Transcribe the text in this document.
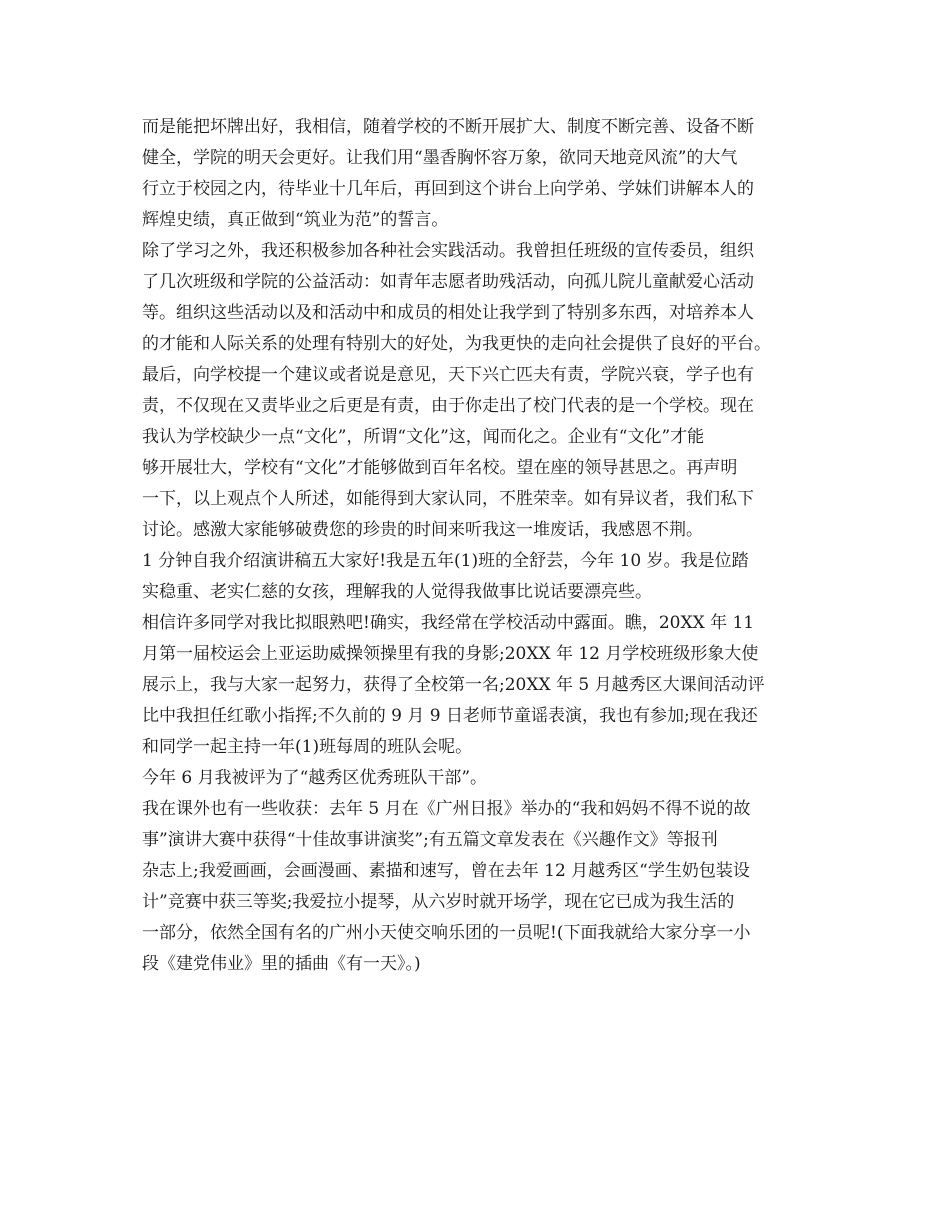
而是能把坏牌出好，我相信，随着学校的不断开展扩大、制度不断完善、设备不断
健全，学院的明天会更好。让我们用“墨香胸怀容万象，欲同天地竞风流”的大气
行立于校园之内，待毕业十几年后，再回到这个讲台上向学弟、学妹们讲解本人的
辉煌史绩，真正做到“筑业为范”的誓言。

除了学习之外，我还积极参加各种社会实践活动。我曾担任班级的宣传委员，组织
了几次班级和学院的公益活动：如青年志愿者助残活动，向孤儿院儿童献爱心活动
等。组织这些活动以及和活动中和成员的相处让我学到了特别多东西，对培养本人
的才能和人际关系的处理有特别大的好处，为我更快的走向社会提供了良好的平台。

最后，向学校提一个建议或者说是意见，天下兴亡匹夫有责，学院兴衰，学子也有
责，不仅现在又责毕业之后更是有责，由于你走出了校门代表的是一个学校。现在
我认为学校缺少一点“文化”，所谓“文化”这，闻而化之。企业有“文化”才能
够开展壮大，学校有“文化”才能够做到百年名校。望在座的领导甚思之。再声明
一下，以上观点个人所述，如能得到大家认同，不胜荣幸。如有异议者，我们私下
讨论。感激大家能够破费您的珍贵的时间来听我这一堆废话，我感恩不荆。

1 分钟自我介绍演讲稿五大家好!我是五年(1)班的全舒芸，今年 10 岁。我是位踏
实稳重、老实仁慈的女孩，理解我的人觉得我做事比说话要漂亮些。

相信许多同学对我比拟眼熟吧!确实，我经常在学校活动中露面。瞧，20XX 年 11
月第一届校运会上亚运助威操领操里有我的身影;20XX 年 12 月学校班级形象大使
展示上，我与大家一起努力，获得了全校第一名;20XX 年 5 月越秀区大课间活动评
比中我担任红歌小指挥;不久前的 9 月 9 日老师节童谣表演，我也有参加;现在我还
和同学一起主持一年(1)班每周的班队会呢。

今年 6 月我被评为了“越秀区优秀班队干部”。

我在课外也有一些收获：去年 5 月在《广州日报》举办的“我和妈妈不得不说的故
事”演讲大赛中获得“十佳故事讲演奖”;有五篇文章发表在《兴趣作文》等报刊
杂志上;我爱画画，会画漫画、素描和速写，曾在去年 12 月越秀区“学生奶包装设
计”竞赛中获三等奖;我爱拉小提琴，从六岁时就开场学，现在它已成为我生活的
一部分，依然全国有名的广州小天使交响乐团的一员呢!(下面我就给大家分享一小
段《建党伟业》里的插曲《有一天》。)
